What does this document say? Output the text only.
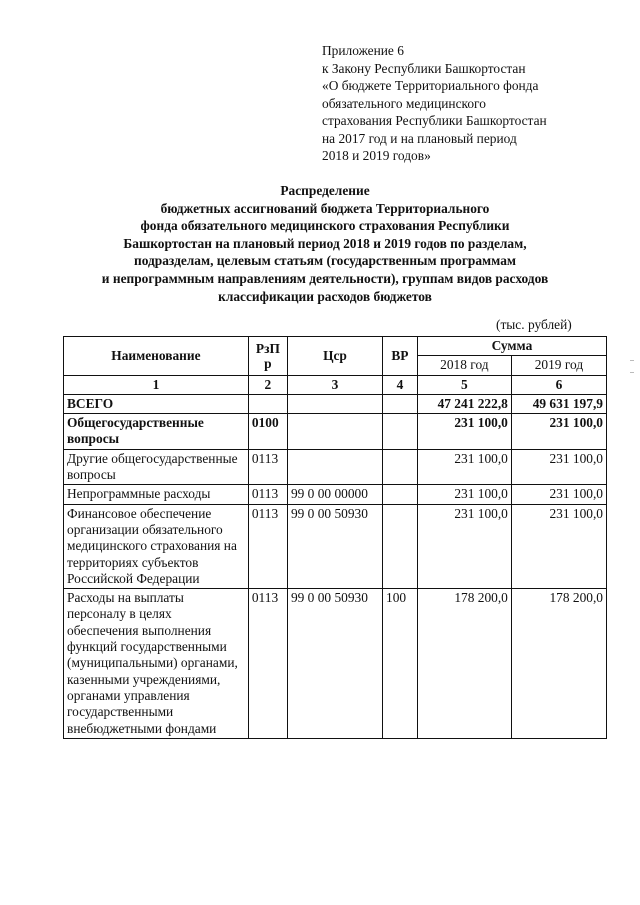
Приложение 6
к Закону Республики Башкортостан
«О бюджете Территориального фонда
обязательного медицинского
страхования Республики Башкортостан
на 2017 год и на плановый период
2018 и 2019 годов»
Распределение
бюджетных ассигнований бюджета Территориального
фонда обязательного медицинского страхования Республики
Башкортостан на плановый период 2018 и 2019 годов по разделам,
подразделам, целевым статьям (государственным программам
и непрограммным направлениям деятельности), группам видов расходов
классификации расходов бюджетов
(тыс. рублей)
Наименование	РзП р	Цср	ВР	Сумма	
				2018 год	2019 год
1	2	3	4	5	6
ВСЕГО				47 241 222,8	49 631 197,9
Общегосударственные вопросы	0100			231 100,0	231 100,0
Другие общегосударственные вопросы	0113			231 100,0	231 100,0
Непрограммные расходы	0113	99 0 00 00000		231 100,0	231 100,0
Финансовое обеспечение организации обязательного медицинского страхования на территориях субъектов Российской Федерации	0113	99 0 00 50930		231 100,0	231 100,0
Расходы на выплаты персоналу в целях обеспечения выполнения функций государственными (муниципальными) органами, казенными учреждениями, органами управления государственными внебюджетными фондами	0113	99 0 00 50930	100	178 200,0	178 200,0
